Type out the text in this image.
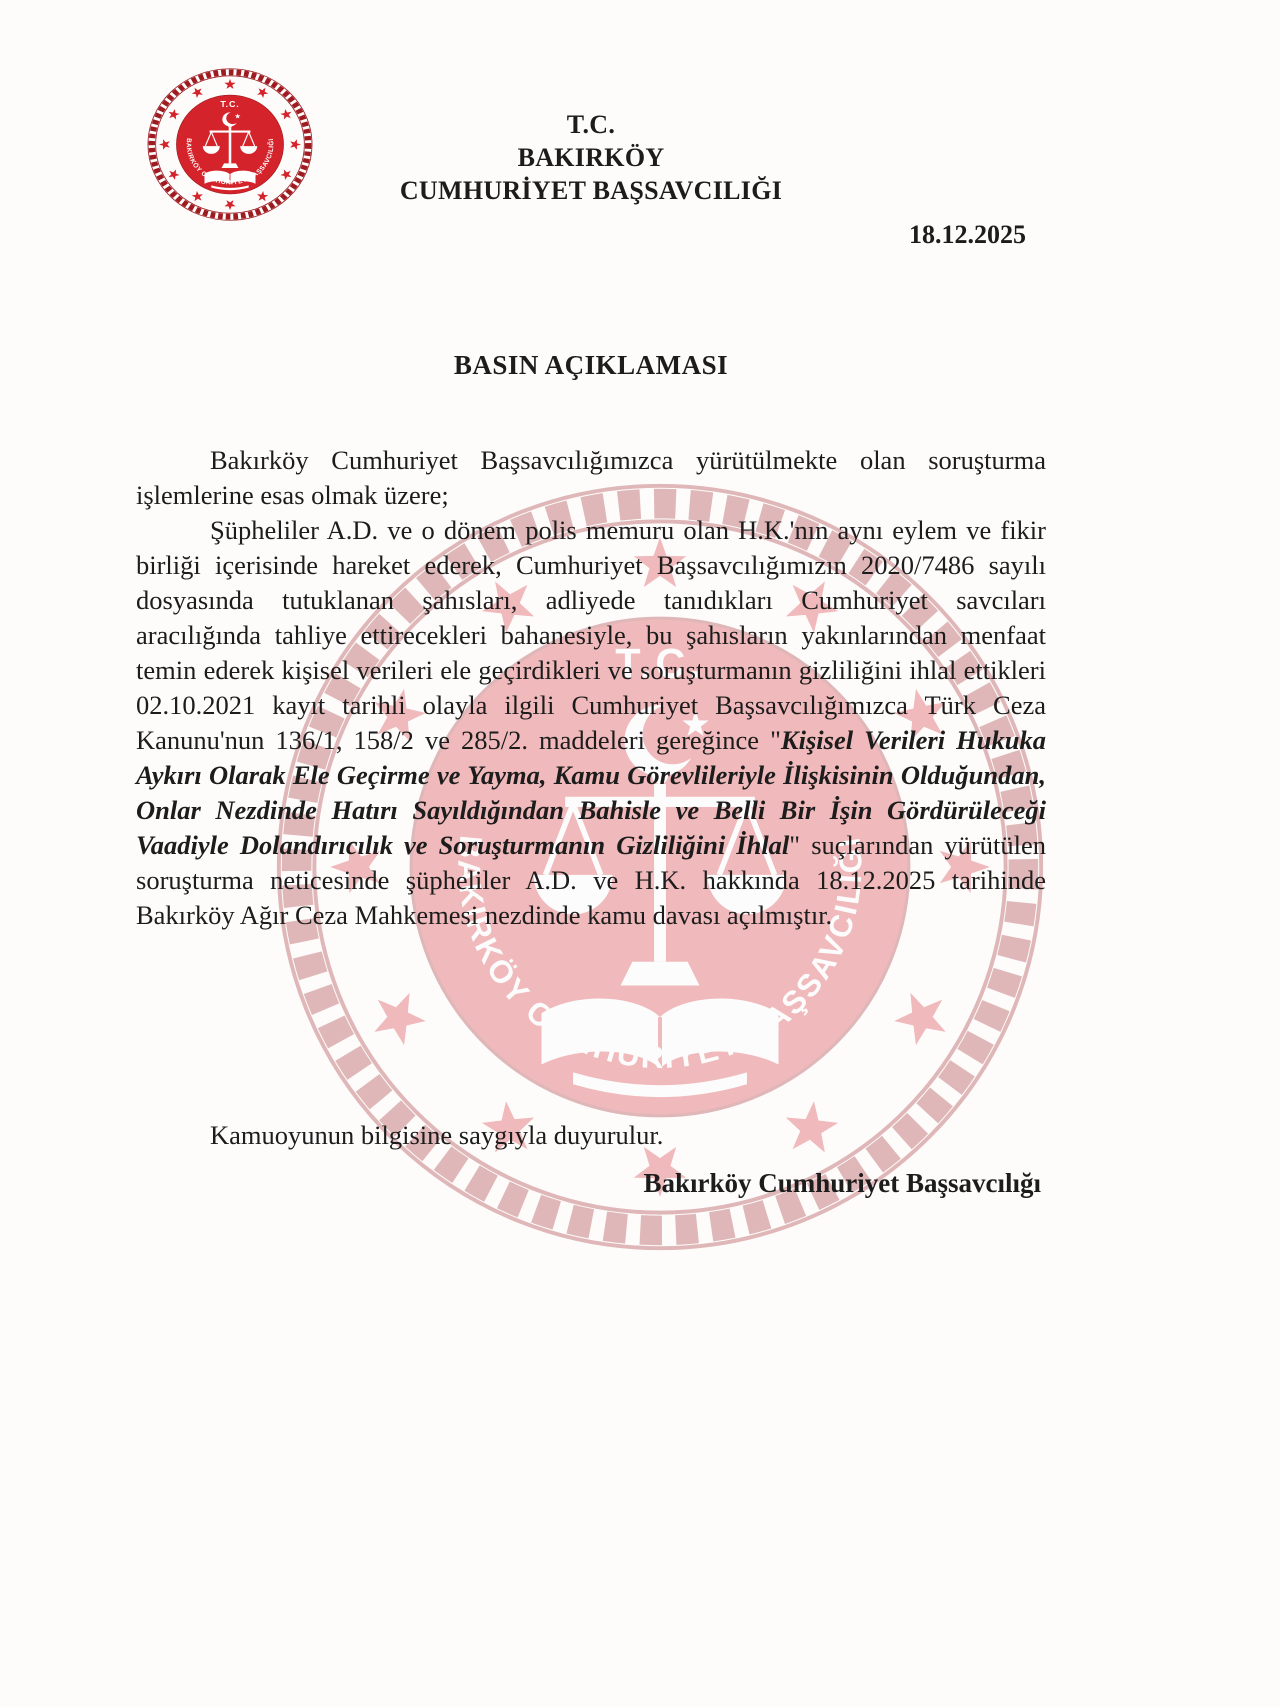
T.C.
BAKIRKÖY
CUMHURİYET BAŞSAVCILIĞI
18.12.2025
BASIN AÇIKLAMASI

Bakırköy Cumhuriyet Başsavcılığımızca yürütülmekte olan soruşturma işlemlerine esas olmak üzere;

Şüpheliler A.D. ve o dönem polis memuru olan H.K.'nın aynı eylem ve fikir birliği içerisinde hareket ederek, Cumhuriyet Başsavcılığımızın 2020/7486 sayılı dosyasında tutuklanan şahısları, adliyede tanıdıkları Cumhuriyet savcıları aracılığında tahliye ettirecekleri bahanesiyle, bu şahısların yakınlarından menfaat temin ederek kişisel verileri ele geçirdikleri ve soruşturmanın gizliliğini ihlal ettikleri 02.10.2021 kayıt tarihli olayla ilgili Cumhuriyet Başsavcılığımızca Türk Ceza Kanunu'nun 136/1, 158/2 ve 285/2. maddeleri gereğince "Kişisel Verileri Hukuka Aykırı Olarak Ele Geçirme ve Yayma, Kamu Görevlileriyle İlişkisinin Olduğundan, Onlar Nezdinde Hatırı Sayıldığından Bahisle ve Belli Bir İşin Gördürüleceği Vaadiyle Dolandırıcılık ve Soruşturmanın Gizliliğini İhlal" suçlarından yürütülen soruşturma neticesinde şüpheliler A.D. ve H.K. hakkında 18.12.2025 tarihinde Bakırköy Ağır Ceza Mahkemesi nezdinde kamu davası açılmıştır.

Kamuoyunun bilgisine saygıyla duyurulur.

Bakırköy Cumhuriyet Başsavcılığı
